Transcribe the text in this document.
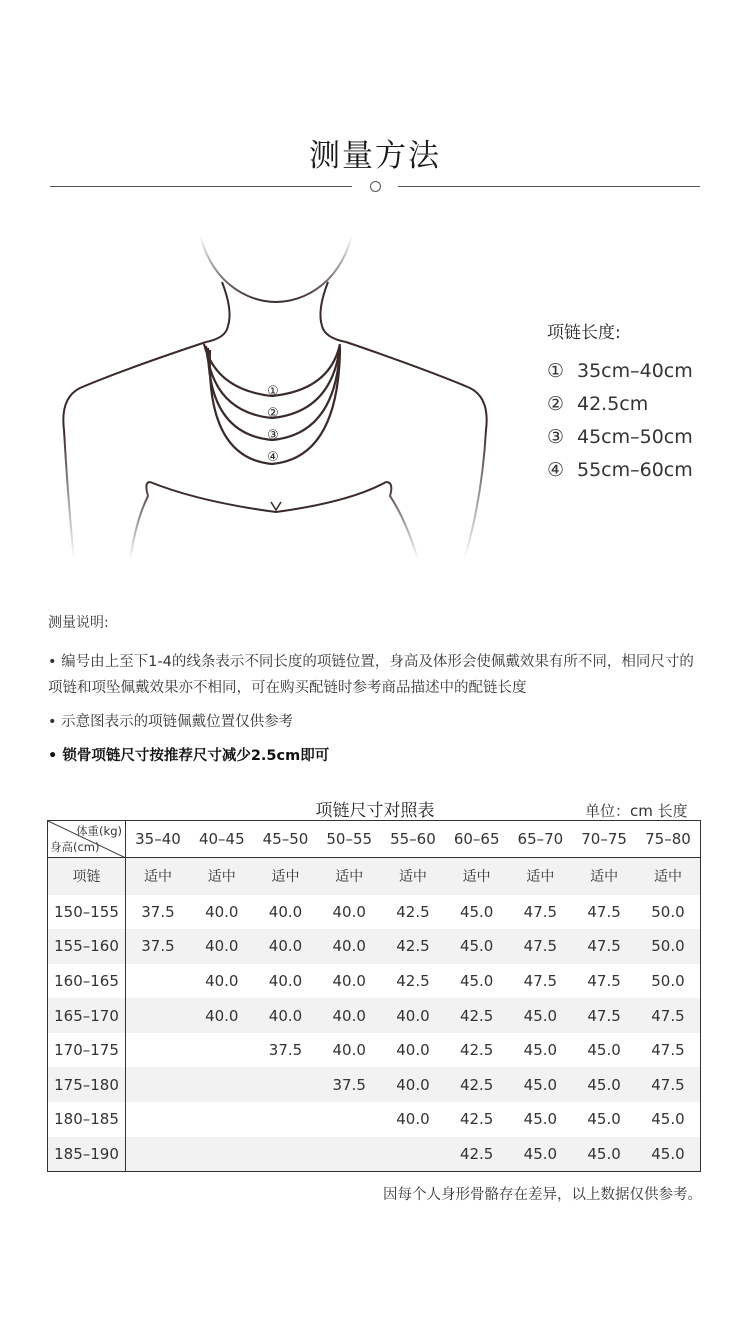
测量方法
①
②
③
④
项链长度:
① 35cm–40cm
② 42.5cm
③ 45cm–50cm
④ 55cm–60cm
测量说明:
• 编号由上至下1-4的线条表示不同长度的项链位置，身高及体形会使佩戴效果有所不同，相同尺寸的项链和项坠佩戴效果亦不相同，可在购买配链时参考商品描述中的配链长度
• 示意图表示的项链佩戴位置仅供参考
• 锁骨项链尺寸按推荐尺寸减少2.5cm即可
项链尺寸对照表	单位：cm 长度
体重(kg)
身高(cm)	35–40	40–45	45–50	50–55	55–60	60–65	65–70	70–75	75–80
项链	适中	适中	适中	适中	适中	适中	适中	适中	适中
150–155	37.5	40.0	40.0	40.0	42.5	45.0	47.5	47.5	50.0
155–160	37.5	40.0	40.0	40.0	42.5	45.0	47.5	47.5	50.0
160–165		40.0	40.0	40.0	42.5	45.0	47.5	47.5	50.0
165–170		40.0	40.0	40.0	40.0	42.5	45.0	47.5	47.5
170–175			37.5	40.0	40.0	42.5	45.0	45.0	47.5
175–180				37.5	40.0	42.5	45.0	45.0	47.5
180–185					40.0	42.5	45.0	45.0	45.0
185–190						42.5	45.0	45.0	45.0
因每个人身形骨骼存在差异，以上数据仅供参考。
